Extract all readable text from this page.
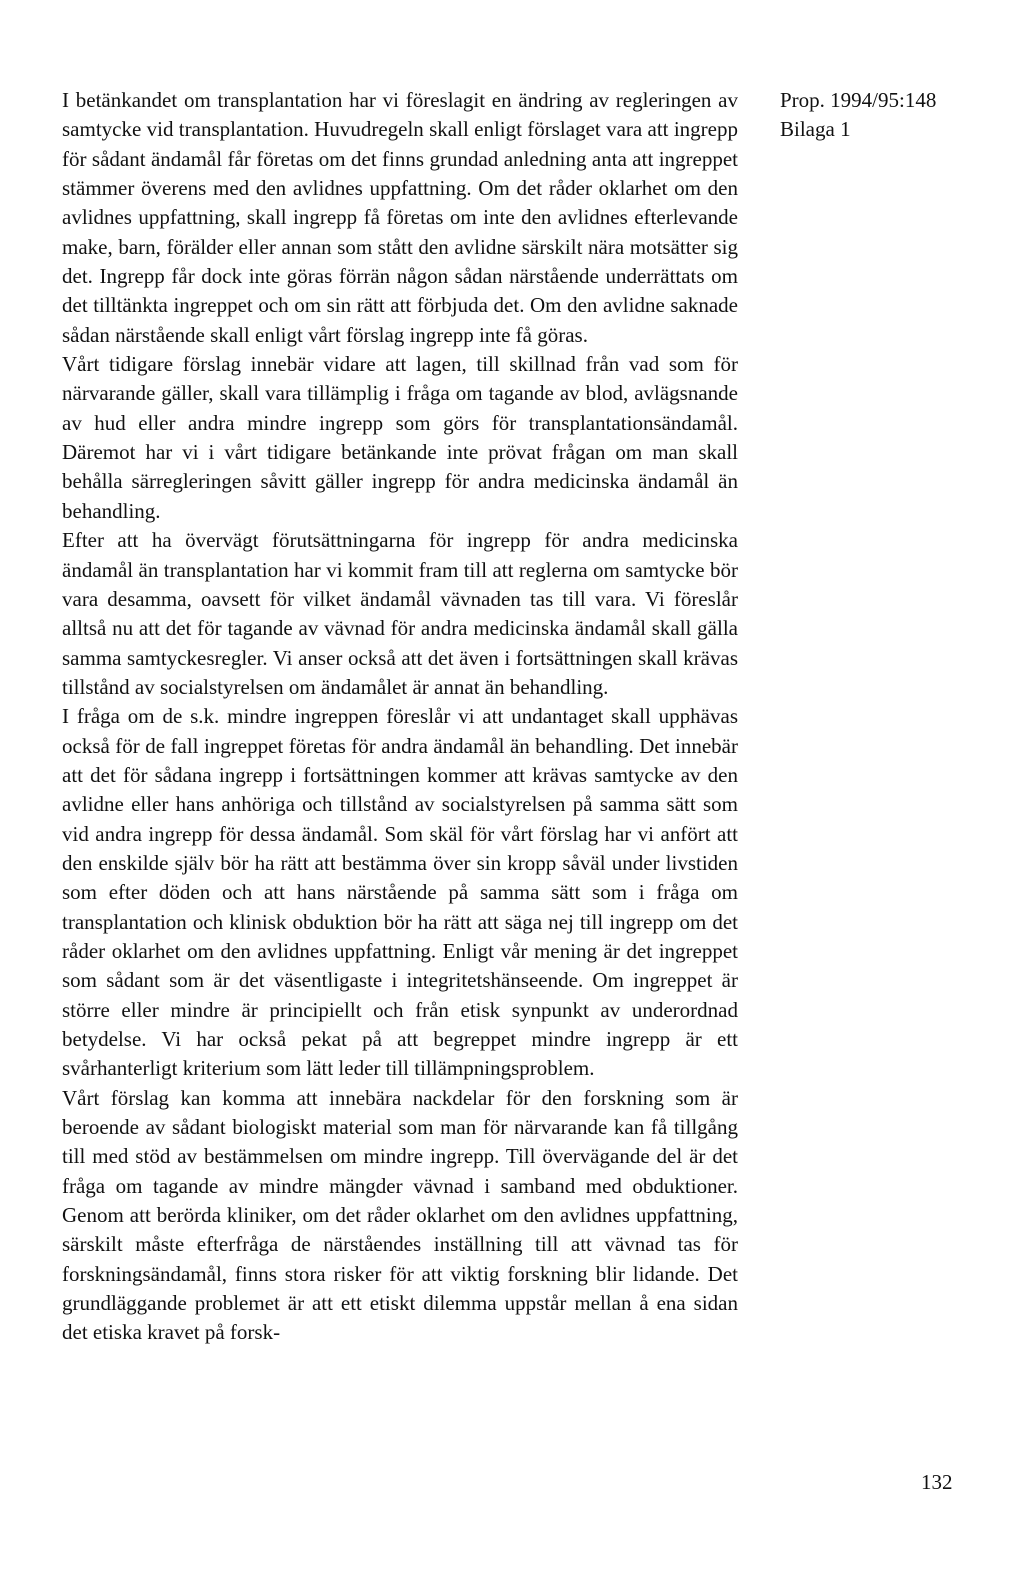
I betänkandet om transplantation har vi föreslagit en ändring av regleringen av samtycke vid transplantation. Huvudregeln skall enligt förslaget vara att ingrepp för sådant ändamål får företas om det finns grundad anledning anta att ingreppet stämmer överens med den avlidnes uppfattning. Om det råder oklarhet om den avlidnes uppfattning, skall ingrepp få företas om inte den avlidnes efterlevande make, barn, förälder eller annan som stått den avlidne särskilt nära motsätter sig det. Ingrepp får dock inte göras förrän någon sådan närstående underrättats om det tilltänkta ingreppet och om sin rätt att förbjuda det. Om den avlidne saknade sådan närstående skall enligt vårt förslag ingrepp inte få göras.

Vårt tidigare förslag innebär vidare att lagen, till skillnad från vad som för närvarande gäller, skall vara tillämplig i fråga om tagande av blod, avlägsnande av hud eller andra mindre ingrepp som görs för transplantationsändamål. Däremot har vi i vårt tidigare betänkande inte prövat frågan om man skall behålla särregleringen såvitt gäller ingrepp för andra medicinska ändamål än behandling.

Efter att ha övervägt förutsättningarna för ingrepp för andra medicinska ändamål än transplantation har vi kommit fram till att reglerna om samtycke bör vara desamma, oavsett för vilket ändamål vävnaden tas till vara. Vi föreslår alltså nu att det för tagande av vävnad för andra medicinska ändamål skall gälla samma samtyckesregler. Vi anser också att det även i fortsättningen skall krävas tillstånd av socialstyrelsen om ändamålet är annat än behandling.

I fråga om de s.k. mindre ingreppen föreslår vi att undantaget skall upphävas också för de fall ingreppet företas för andra ändamål än behandling. Det innebär att det för sådana ingrepp i fortsättningen kommer att krävas samtycke av den avlidne eller hans anhöriga och tillstånd av socialstyrelsen på samma sätt som vid andra ingrepp för dessa ändamål. Som skäl för vårt förslag har vi anfört att den enskilde själv bör ha rätt att bestämma över sin kropp såväl under livstiden som efter döden och att hans närstående på samma sätt som i fråga om transplantation och klinisk obduktion bör ha rätt att säga nej till ingrepp om det råder oklarhet om den avlidnes uppfattning. Enligt vår mening är det ingreppet som sådant som är det väsentligaste i integritetshänseende. Om ingreppet är större eller mindre är principiellt och från etisk synpunkt av underordnad betydelse. Vi har också pekat på att begreppet mindre ingrepp är ett svårhanterligt kriterium som lätt leder till tillämpningsproblem.

Vårt förslag kan komma att innebära nackdelar för den forskning som är beroende av sådant biologiskt material som man för närvarande kan få tillgång till med stöd av bestämmelsen om mindre ingrepp. Till övervägande del är det fråga om tagande av mindre mängder vävnad i samband med obduktioner. Genom att berörda kliniker, om det råder oklarhet om den avlidnes uppfattning, särskilt måste efterfråga de närståendes inställning till att vävnad tas för forskningsändamål, finns stora risker för att viktig forskning blir lidande. Det grundläggande problemet är att ett etiskt dilemma uppstår mellan å ena sidan det etiska kravet på forsk-

Prop. 1994/95:148
Bilaga 1
132
